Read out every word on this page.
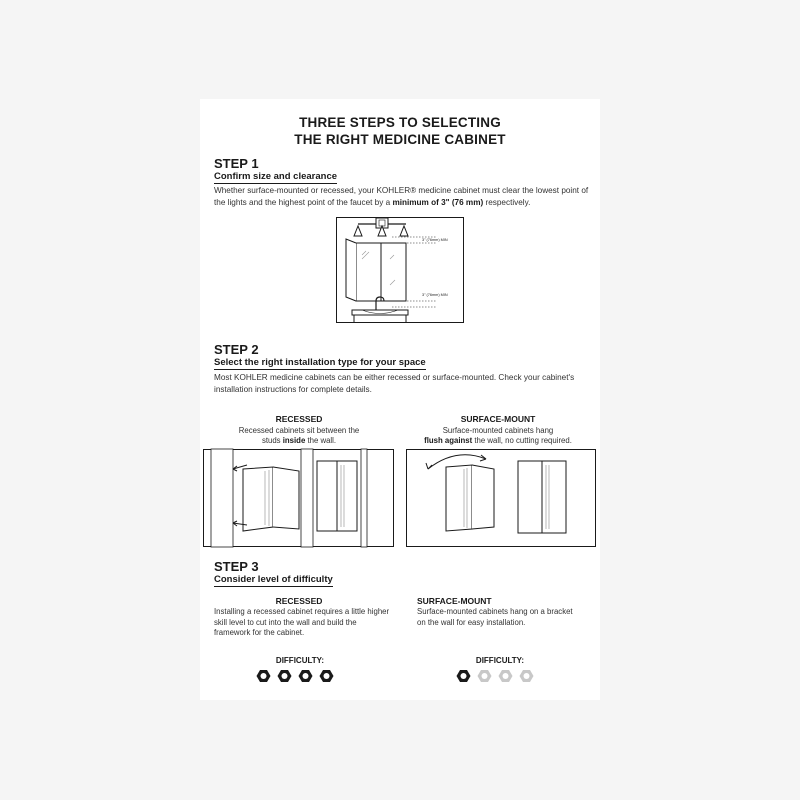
THREE STEPS TO SELECTING
THE RIGHT MEDICINE CABINET
STEP 1
Confirm size and clearance
Whether surface-mounted or recessed, your KOHLER® medicine cabinet must clear the lowest point of the lights and the highest point of the faucet by a minimum of 3" (76 mm) respectively.
3" (76mm) MIN
3" (76mm) MIN
STEP 2
Select the right installation type for your space
Most KOHLER medicine cabinets can be either recessed or surface-mounted. Check your cabinet's installation instructions for complete details.
RECESSED
Recessed cabinets sit between the
studs inside the wall.
SURFACE-MOUNT
Surface-mounted cabinets hang
flush against the wall, no cutting required.
STEP 3
Consider level of difficulty
RECESSED
Installing a recessed cabinet requires a little higher skill level to cut into the wall and build the framework for the cabinet.
SURFACE-MOUNT
Surface-mounted cabinets hang on a bracket on the wall for easy installation.
DIFFICULTY:	DIFFICULTY:
